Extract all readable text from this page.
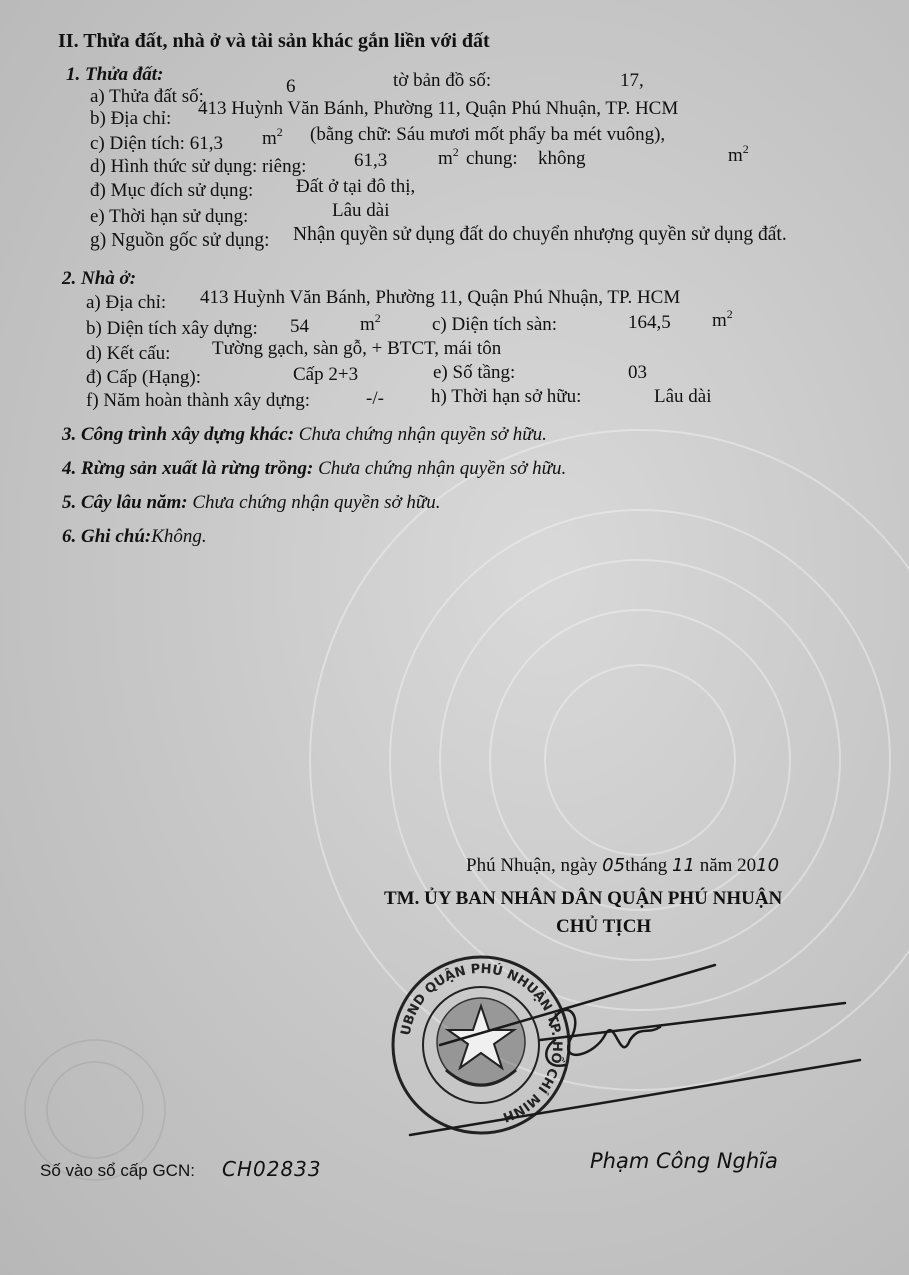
II. Thửa đất, nhà ở và tài sản khác gắn liền với đất
1. Thửa đất:
a) Thửa đất số:	6	tờ bản đồ số:	17,
b) Địa chỉ: 413 Huỳnh Văn Bánh, Phường 11, Quận Phú Nhuận, TP. HCM
c) Diện tích: 61,3 $m^2$ (bằng chữ: Sáu mươi mốt phẩy ba mét vuông),
d) Hình thức sử dụng: riêng:	61,3	$m^2$ chung: không	$m^2$
đ) Mục đích sử dụng: Đất ở tại đô thị,
e) Thời hạn sử dụng:	Lâu dài
g) Nguồn gốc sử dụng: Nhận quyền sử dụng đất do chuyển nhượng quyền sử dụng đất.
2. Nhà ở:
a) Địa chỉ: 413 Huỳnh Văn Bánh, Phường 11, Quận Phú Nhuận, TP. HCM
b) Diện tích xây dựng: 54	$m^2$	c) Diện tích sàn:	164,5 $m^2$
d) Kết cấu: Tường gạch, sàn gỗ, + BTCT, mái tôn
đ) Cấp (Hạng):	Cấp 2+3	e) Số tầng:	03
f) Năm hoàn thành xây dựng:	-/- h) Thời hạn sở hữu:	Lâu dài
3. Công trình xây dựng khác: Chưa chứng nhận quyền sở hữu.
4. Rừng sản xuất là rừng trồng: Chưa chứng nhận quyền sở hữu.
5. Cây lâu năm: Chưa chứng nhận quyền sở hữu.
6. Ghi chú:Không.
Phú Nhuận, ngày 05tháng 11 năm 2010
TM. ỦY BAN NHÂN DÂN QUẬN PHÚ NHUẬN
CHỦ TỊCH
UBND QUẬN PHÚ NHUẬN TP. HỒ CHÍ MINH
Phạm Công Nghĩa
Số vào sổ cấp GCN: CH02833
